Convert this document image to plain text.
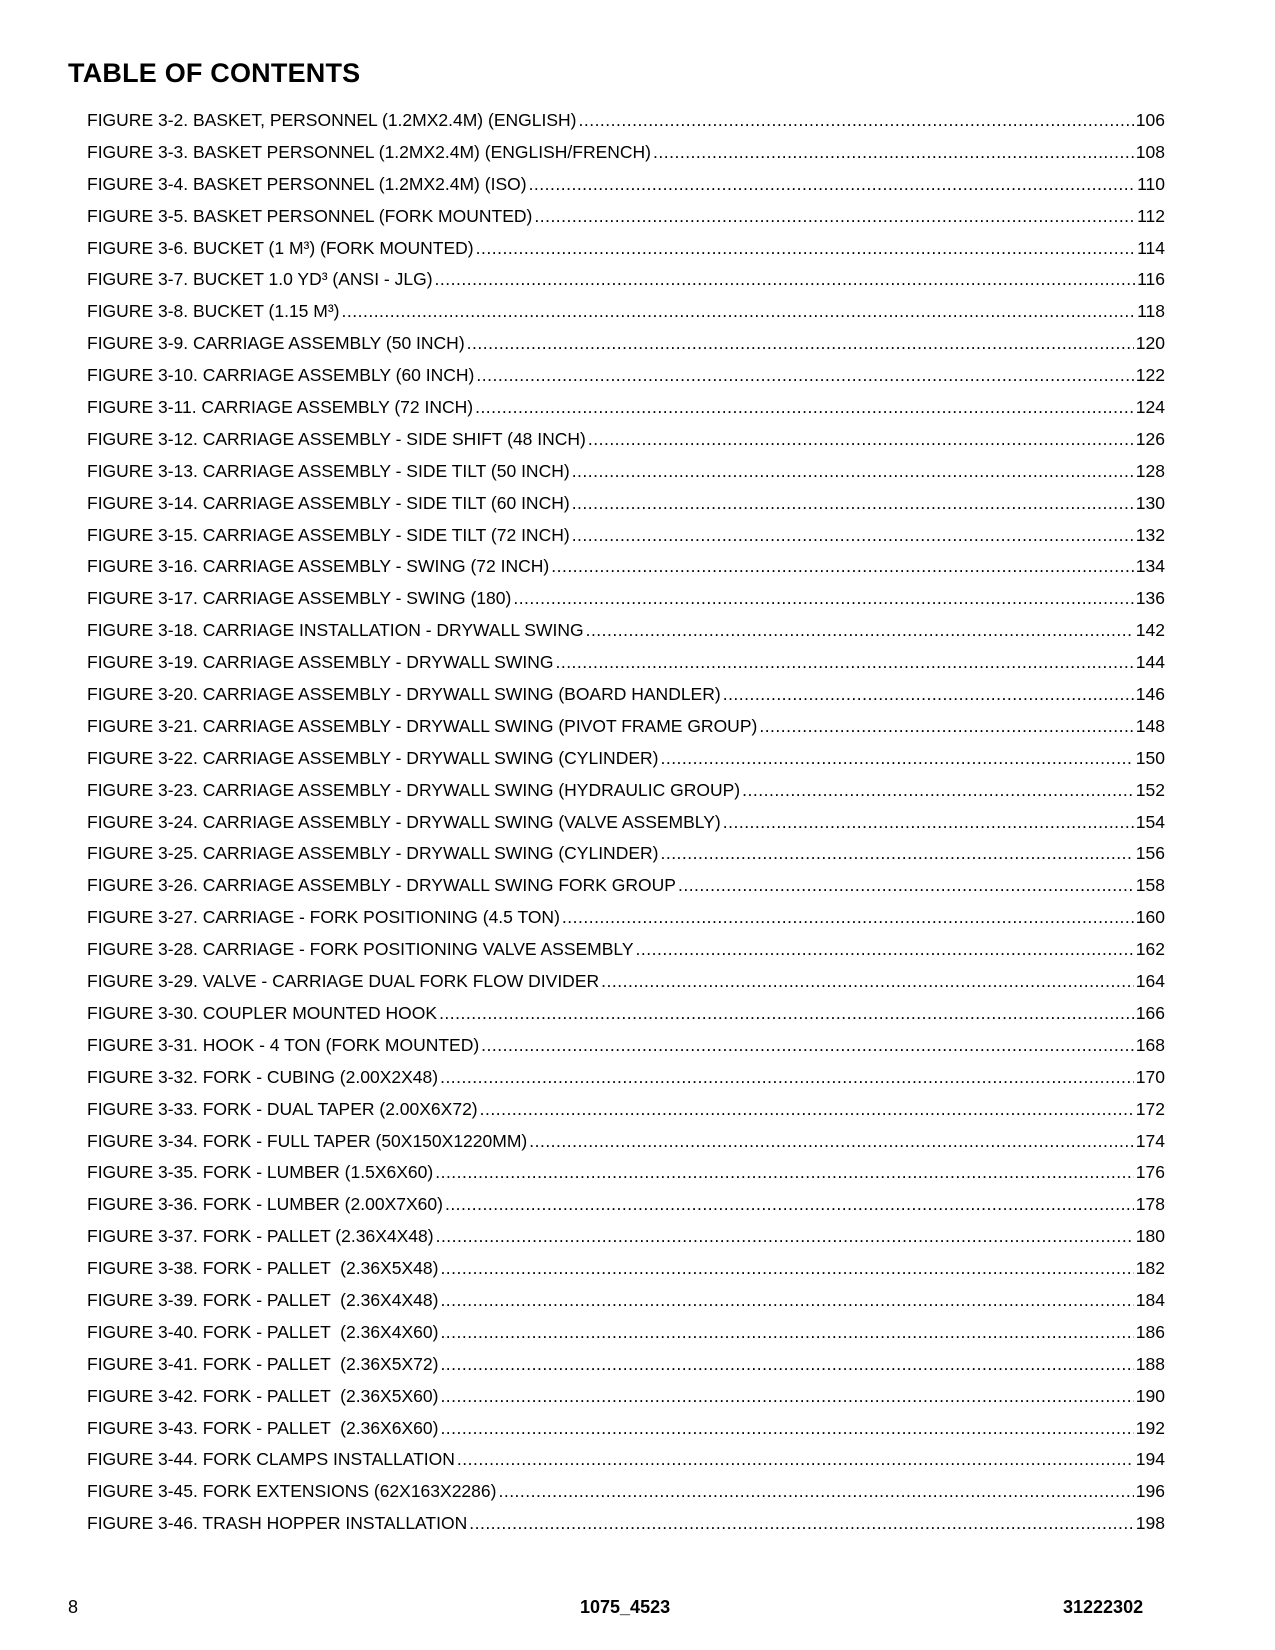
TABLE OF CONTENTS
FIGURE 3-2. BASKET, PERSONNEL (1.2MX2.4M) (ENGLISH) .....	106
FIGURE 3-3. BASKET PERSONNEL (1.2MX2.4M) (ENGLISH/FRENCH) .....	108
FIGURE 3-4. BASKET PERSONNEL (1.2MX2.4M) (ISO) .....	110
FIGURE 3-5. BASKET PERSONNEL (FORK MOUNTED) .....	112
FIGURE 3-6. BUCKET (1 M³) (FORK MOUNTED) .....	114
FIGURE 3-7. BUCKET 1.0 YD³ (ANSI - JLG) .....	116
FIGURE 3-8. BUCKET (1.15 M³) .....	118
FIGURE 3-9. CARRIAGE ASSEMBLY (50 INCH) .....	120
FIGURE 3-10. CARRIAGE ASSEMBLY (60 INCH) .....	122
FIGURE 3-11. CARRIAGE ASSEMBLY (72 INCH) .....	124
FIGURE 3-12. CARRIAGE ASSEMBLY - SIDE SHIFT (48 INCH) .....	126
FIGURE 3-13. CARRIAGE ASSEMBLY - SIDE TILT (50 INCH) .....	128
FIGURE 3-14. CARRIAGE ASSEMBLY - SIDE TILT (60 INCH) .....	130
FIGURE 3-15. CARRIAGE ASSEMBLY - SIDE TILT (72 INCH) .....	132
FIGURE 3-16. CARRIAGE ASSEMBLY - SWING (72 INCH) .....	134
FIGURE 3-17. CARRIAGE ASSEMBLY - SWING (180) .....	136
FIGURE 3-18. CARRIAGE INSTALLATION - DRYWALL SWING .....	142
FIGURE 3-19. CARRIAGE ASSEMBLY - DRYWALL SWING .....	144
FIGURE 3-20. CARRIAGE ASSEMBLY - DRYWALL SWING (BOARD HANDLER) .....	146
FIGURE 3-21. CARRIAGE ASSEMBLY - DRYWALL SWING (PIVOT FRAME GROUP) .....	148
FIGURE 3-22. CARRIAGE ASSEMBLY - DRYWALL SWING (CYLINDER) .....	150
FIGURE 3-23. CARRIAGE ASSEMBLY - DRYWALL SWING (HYDRAULIC GROUP) .....	152
FIGURE 3-24. CARRIAGE ASSEMBLY - DRYWALL SWING (VALVE ASSEMBLY) .....	154
FIGURE 3-25. CARRIAGE ASSEMBLY - DRYWALL SWING (CYLINDER) .....	156
FIGURE 3-26. CARRIAGE ASSEMBLY - DRYWALL SWING FORK GROUP .....	158
FIGURE 3-27. CARRIAGE - FORK POSITIONING (4.5 TON) .....	160
FIGURE 3-28. CARRIAGE - FORK POSITIONING VALVE ASSEMBLY .....	162
FIGURE 3-29. VALVE - CARRIAGE DUAL FORK FLOW DIVIDER .....	164
FIGURE 3-30. COUPLER MOUNTED HOOK .....	166
FIGURE 3-31. HOOK - 4 TON (FORK MOUNTED) .....	168
FIGURE 3-32. FORK - CUBING (2.00X2X48) .....	170
FIGURE 3-33. FORK - DUAL TAPER (2.00X6X72) .....	172
FIGURE 3-34. FORK - FULL TAPER (50X150X1220MM) .....	174
FIGURE 3-35. FORK - LUMBER (1.5X6X60) .....	176
FIGURE 3-36. FORK - LUMBER (2.00X7X60) .....	178
FIGURE 3-37. FORK - PALLET (2.36X4X48) .....	180
FIGURE 3-38. FORK - PALLET  (2.36X5X48) .....	182
FIGURE 3-39. FORK - PALLET  (2.36X4X48) .....	184
FIGURE 3-40. FORK - PALLET  (2.36X4X60) .....	186
FIGURE 3-41. FORK - PALLET  (2.36X5X72) .....	188
FIGURE 3-42. FORK - PALLET  (2.36X5X60) .....	190
FIGURE 3-43. FORK - PALLET  (2.36X6X60) .....	192
FIGURE 3-44. FORK CLAMPS INSTALLATION .....	194
FIGURE 3-45. FORK EXTENSIONS (62X163X2286) .....	196
FIGURE 3-46. TRASH HOPPER INSTALLATION .....	198
8	1075_4523	31222302
